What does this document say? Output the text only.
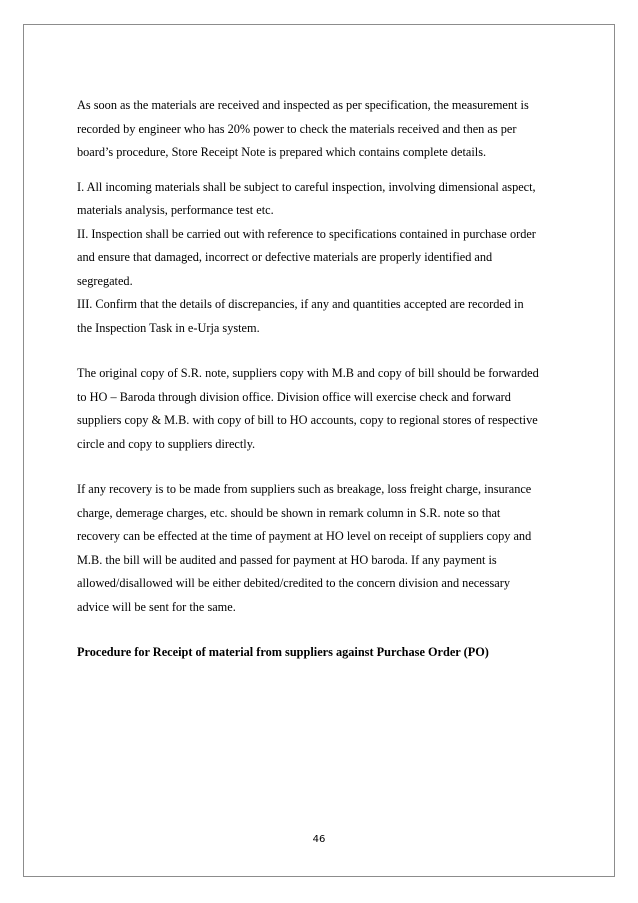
As soon as the materials are received and inspected as per specification, the measurement is
recorded by engineer who has 20% power to check the materials received and then as per
board’s procedure, Store Receipt Note is prepared which contains complete details.

I. All incoming materials shall be subject to careful inspection, involving dimensional aspect,
materials analysis, performance test etc.
II. Inspection shall be carried out with reference to specifications contained in purchase order
and ensure that damaged, incorrect or defective materials are properly identified and
segregated.
III. Confirm that the details of discrepancies, if any and quantities accepted are recorded in
the Inspection Task in e-Urja system.

The original copy of S.R. note, suppliers copy with M.B and copy of bill should be forwarded
to HO – Baroda through division office. Division office will exercise check and forward
suppliers copy & M.B. with copy of bill to HO accounts, copy to regional stores of respective
circle and copy to suppliers directly.

If any recovery is to be made from suppliers such as breakage, loss freight charge, insurance
charge, demerage charges, etc. should be shown in remark column in S.R. note so that
recovery can be effected at the time of payment at HO level on receipt of suppliers copy and
M.B. the bill will be audited and passed for payment at HO baroda. If any payment is
allowed/disallowed will be either debited/credited to the concern division and necessary
advice will be sent for the same.

Procedure for Receipt of material from suppliers against Purchase Order (PO)

46
